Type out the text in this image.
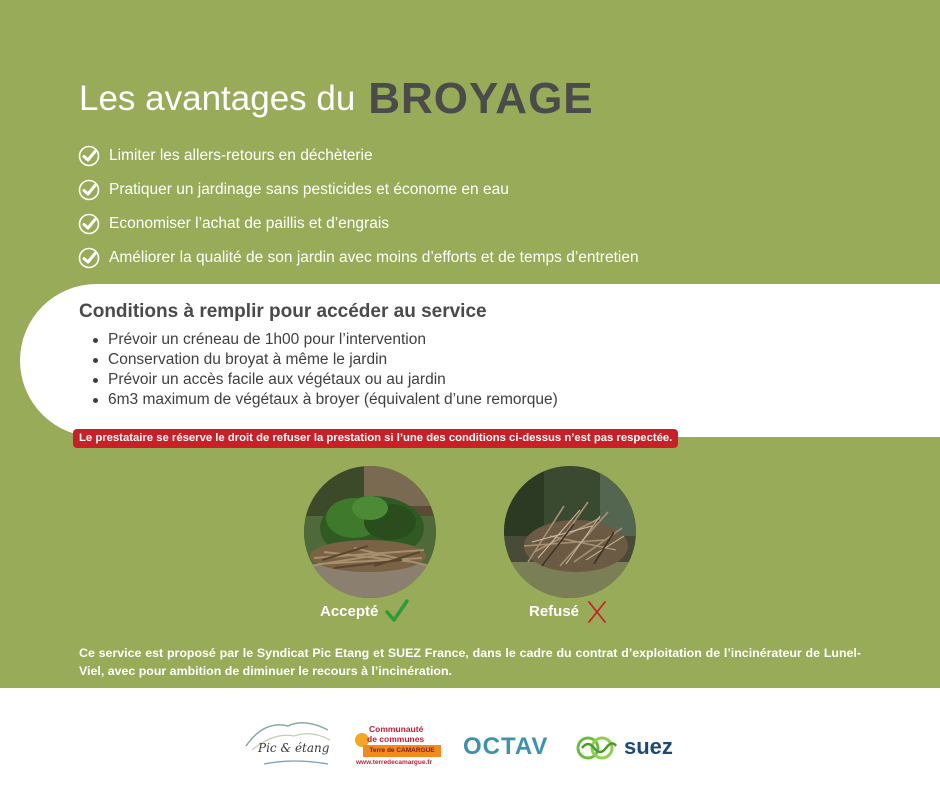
Les avantages du BROYAGE
Limiter les allers-retours en déchèterie
Pratiquer un jardinage sans pesticides et économe en eau
Economiser l’achat de paillis et d’engrais
Améliorer la qualité de son jardin avec moins d’efforts et de temps d’entretien
Conditions à remplir pour accéder au service
Prévoir un créneau de 1h00 pour l’intervention
Conservation du broyat à même le jardin
Prévoir un accès facile aux végétaux ou au jardin
6m3 maximum de végétaux à broyer (équivalent d’une remorque)
Le prestataire se réserve le droit de refuser la prestation si l’une des conditions ci-dessus n’est pas respectée.
Accepté	Refusé

Ce service est proposé par le Syndicat Pic Etang et SUEZ France, dans le cadre du contrat d’exploitation de l’incinérateur de Lunel-Viel, avec pour ambition de diminuer le recours à l’incinération.

Pic & étang
Communauté
de communes
Terre de CAMARGUE
www.terredecamargue.fr
OCTAV	suez
